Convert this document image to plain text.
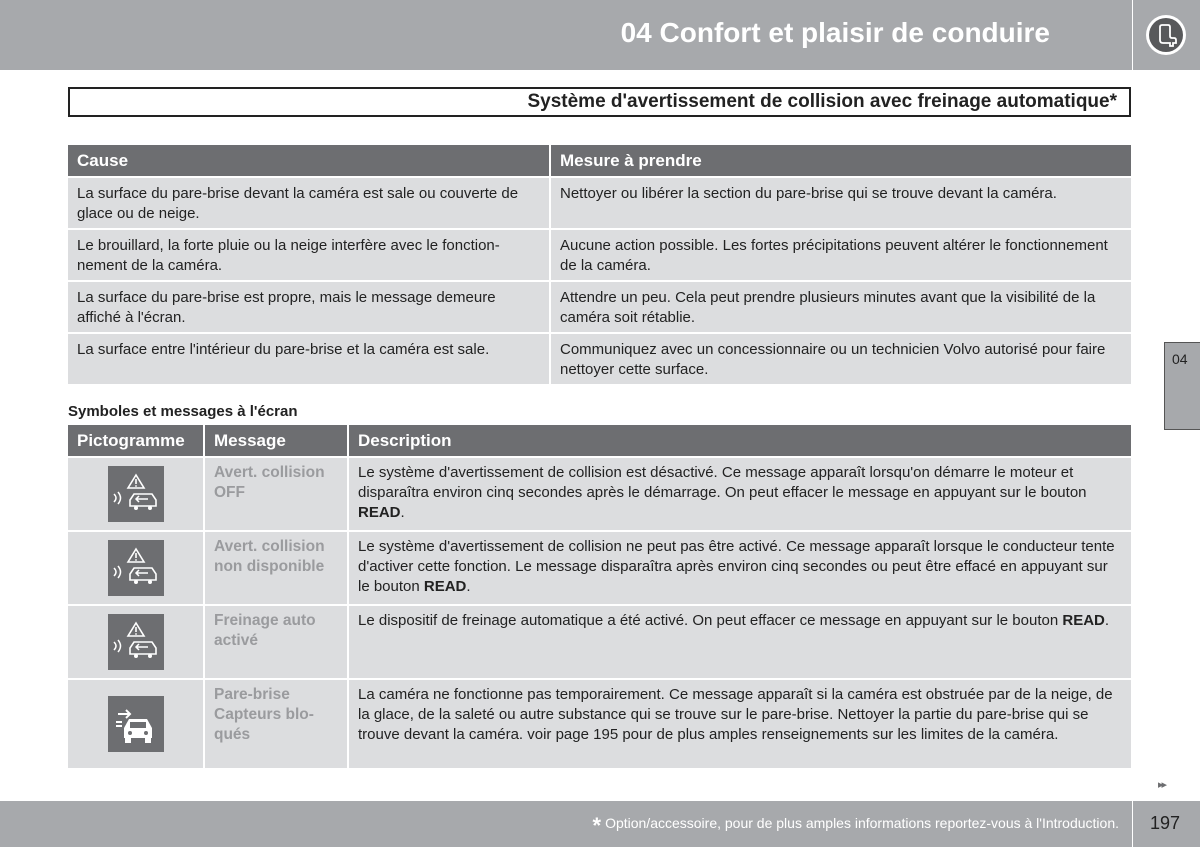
04 Confort et plaisir de conduire
Système d'avertissement de collision avec freinage automatique*
Cause	Mesure à prendre
La surface du pare-brise devant la caméra est sale ou couverte de glace ou de neige.	Nettoyer ou libérer la section du pare-brise qui se trouve devant la caméra.
Le brouillard, la forte pluie ou la neige interfère avec le fonctionnement de la caméra.	Aucune action possible. Les fortes précipitations peuvent altérer le fonctionnement de la caméra.
La surface du pare-brise est propre, mais le message demeure affiché à l'écran.	Attendre un peu. Cela peut prendre plusieurs minutes avant que la visibilité de la caméra soit rétablie.
La surface entre l'intérieur du pare-brise et la caméra est sale.	Communiquez avec un concessionnaire ou un technicien Volvo autorisé pour faire nettoyer cette surface.
Symboles et messages à l'écran
Pictogramme	Message	Description
	Avert. collision OFF	Le système d'avertissement de collision est désactivé. Ce message apparaît lorsqu'on démarre le moteur et disparaîtra environ cinq secondes après le démarrage. On peut effacer le message en appuyant sur le bouton READ.
	Avert. collision non disponible	Le système d'avertissement de collision ne peut pas être activé. Ce message apparaît lorsque le conducteur tente d'activer cette fonction. Le message disparaîtra après environ cinq secondes ou peut être effacé en appuyant sur le bouton READ.
	Freinage auto activé	Le dispositif de freinage automatique a été activé. On peut effacer ce message en appuyant sur le bouton READ.
	Pare-brise Capteurs bloqués	La caméra ne fonctionne pas temporairement. Ce message apparaît si la caméra est obstruée par de la neige, de la glace, de la saleté ou autre substance qui se trouve sur le pare-brise. Nettoyer la partie du pare-brise qui se trouve devant la caméra. voir page 195 pour de plus amples renseignements sur les limites de la caméra.
04
▸▸
* Option/accessoire, pour de plus amples informations reportez-vous à l'Introduction. 197
